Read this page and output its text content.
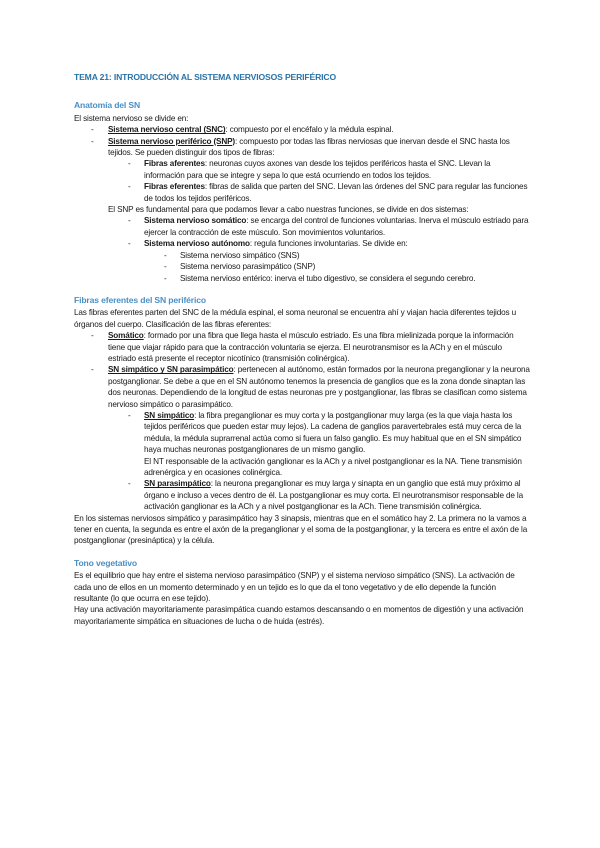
TEMA 21: INTRODUCCIÓN AL SISTEMA NERVIOSOS PERIFÉRICO
Anatomía del SN

El sistema nervioso se divide en:

- Sistema nervioso central (SNC): compuesto por el encéfalo y la médula espinal.
- Sistema nervioso periférico (SNP): compuesto por todas las fibras nerviosas que inervan desde el SNC hasta los tejidos. Se pueden distinguir dos tipos de fibras:
- Fibras aferentes: neuronas cuyos axones van desde los tejidos periféricos hasta el SNC. Llevan la información para que se integre y sepa lo que está ocurriendo en todos los tejidos.
- Fibras eferentes: fibras de salida que parten del SNC. Llevan las órdenes del SNC para regular las funciones de todos los tejidos periféricos.

El SNP es fundamental para que podamos llevar a cabo nuestras funciones, se divide en dos sistemas:

- Sistema nervioso somático: se encarga del control de funciones voluntarias. Inerva el músculo estriado para ejercer la contracción de este músculo. Son movimientos voluntarios.
- Sistema nervioso autónomo: regula funciones involuntarias. Se divide en:
- Sistema nervioso simpático (SNS)
- Sistema nervioso parasimpático (SNP)
- Sistema nervioso entérico: inerva el tubo digestivo, se considera el segundo cerebro.
Fibras eferentes del SN periférico

Las fibras eferentes parten del SNC de la médula espinal, el soma neuronal se encuentra ahí y viajan hacia diferentes tejidos u órganos del cuerpo. Clasificación de las fibras eferentes:

- Somático: formado por una fibra que llega hasta el músculo estriado. Es una fibra mielinizada porque la información tiene que viajar rápido para que la contracción voluntaria se ejerza. El neurotransmisor es la ACh y en el músculo estriado está presente el receptor nicotínico (transmisión colinérgica).
- SN simpático y SN parasimpático: pertenecen al autónomo, están formados por la neurona preganglionar y la neurona postganglionar. Se debe a que en el SN autónomo tenemos la presencia de ganglios que es la zona donde sinaptan las dos neuronas. Dependiendo de la longitud de estas neuronas pre y postganglionar, las fibras se clasifican como sistema nervioso simpático o parasimpático.
- SN simpático: la fibra preganglionar es muy corta y la postganglionar muy larga (es la que viaja hasta los tejidos periféricos que pueden estar muy lejos). La cadena de ganglios paravertebrales está muy cerca de la médula, la médula suprarrenal actúa como si fuera un falso ganglio. Es muy habitual que en el SN simpático haya muchas neuronas postganglionares de un mismo ganglio.

El NT responsable de la activación ganglionar es la ACh y a nivel postganglionar es la NA. Tiene transmisión adrenérgica y en ocasiones colinérgica.

- SN parasimpático: la neurona preganglionar es muy larga y sinapta en un ganglio que está muy próximo al órgano e incluso a veces dentro de él. La postganglionar es muy corta. El neurotransmisor responsable de la activación ganglionar es la ACh y a nivel postganglionar es la ACh. Tiene transmisión colinérgica.

En los sistemas nerviosos simpático y parasimpático hay 3 sinapsis, mientras que en el somático hay 2. La primera no la vamos a tener en cuenta, la segunda es entre el axón de la preganglionar y el soma de la postganglionar, y la tercera es entre el axón de la postganglionar (presináptica) y la célula.

Tono vegetativo

Es el equilibrio que hay entre el sistema nervioso parasimpático (SNP) y el sistema nervioso simpático (SNS). La activación de cada uno de ellos en un momento determinado y en un tejido es lo que da el tono vegetativo y de ello depende la función resultante (lo que ocurra en ese tejido).

Hay una activación mayoritariamente parasimpática cuando estamos descansando o en momentos de digestión y una activación mayoritariamente simpática en situaciones de lucha o de huida (estrés).
